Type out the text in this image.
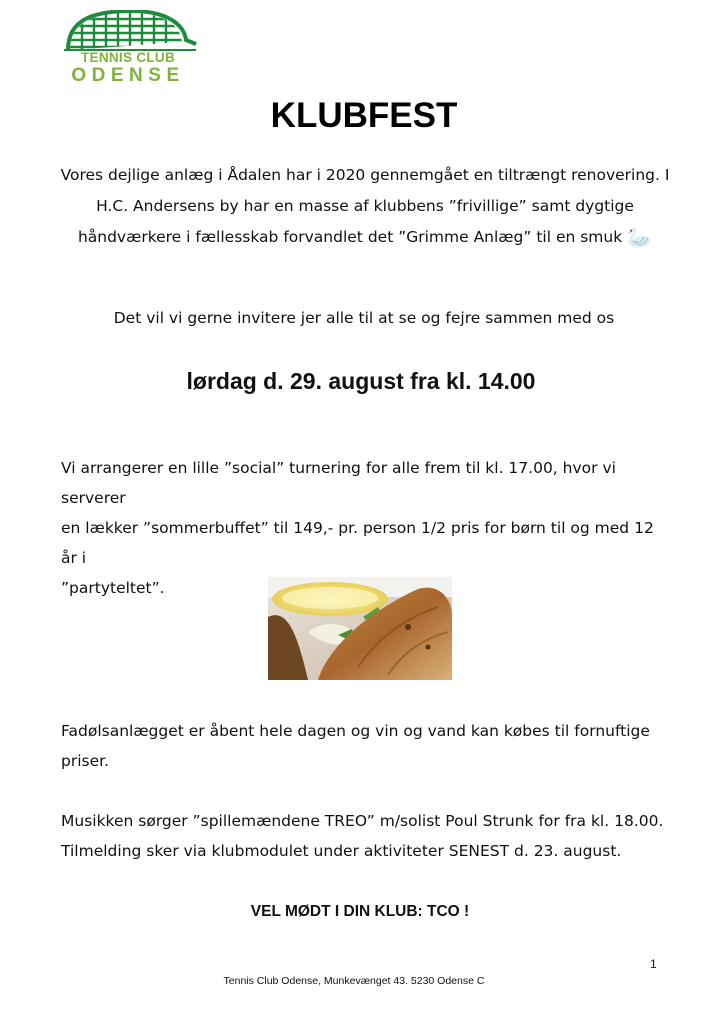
TENNIS CLUB
ODENSE
KLUBFEST
Vores dejlige anlæg i Ådalen har i 2020 gennemgået en tiltrængt renovering. I
H.C. Andersens by har en masse af klubbens ”frivillige” samt dygtige
håndværkere i fællesskab forvandlet det ”Grimme Anlæg” til en smuk 🦢
Det vil vi gerne invitere jer alle til at se og fejre sammen med os
lørdag d. 29. august fra kl. 14.00
Vi arrangerer en lille ”social” turnering for alle frem til kl. 17.00, hvor vi serverer
en lækker ”sommerbuffet” til 149,- pr. person 1/2 pris for børn til og med 12 år i
”partyteltet”.
Fadølsanlægget er åbent hele dagen og vin og vand kan købes til fornuftige
priser.
Musikken sørger ”spillemændene TREO” m/solist Poul Strunk for fra kl. 18.00.
Tilmelding sker via klubmodulet under aktiviteter SENEST d. 23. august.
VEL MØDT I DIN KLUB: TCO !
1
Tennis Club Odense, Munkevænget 43. 5230 Odense C
